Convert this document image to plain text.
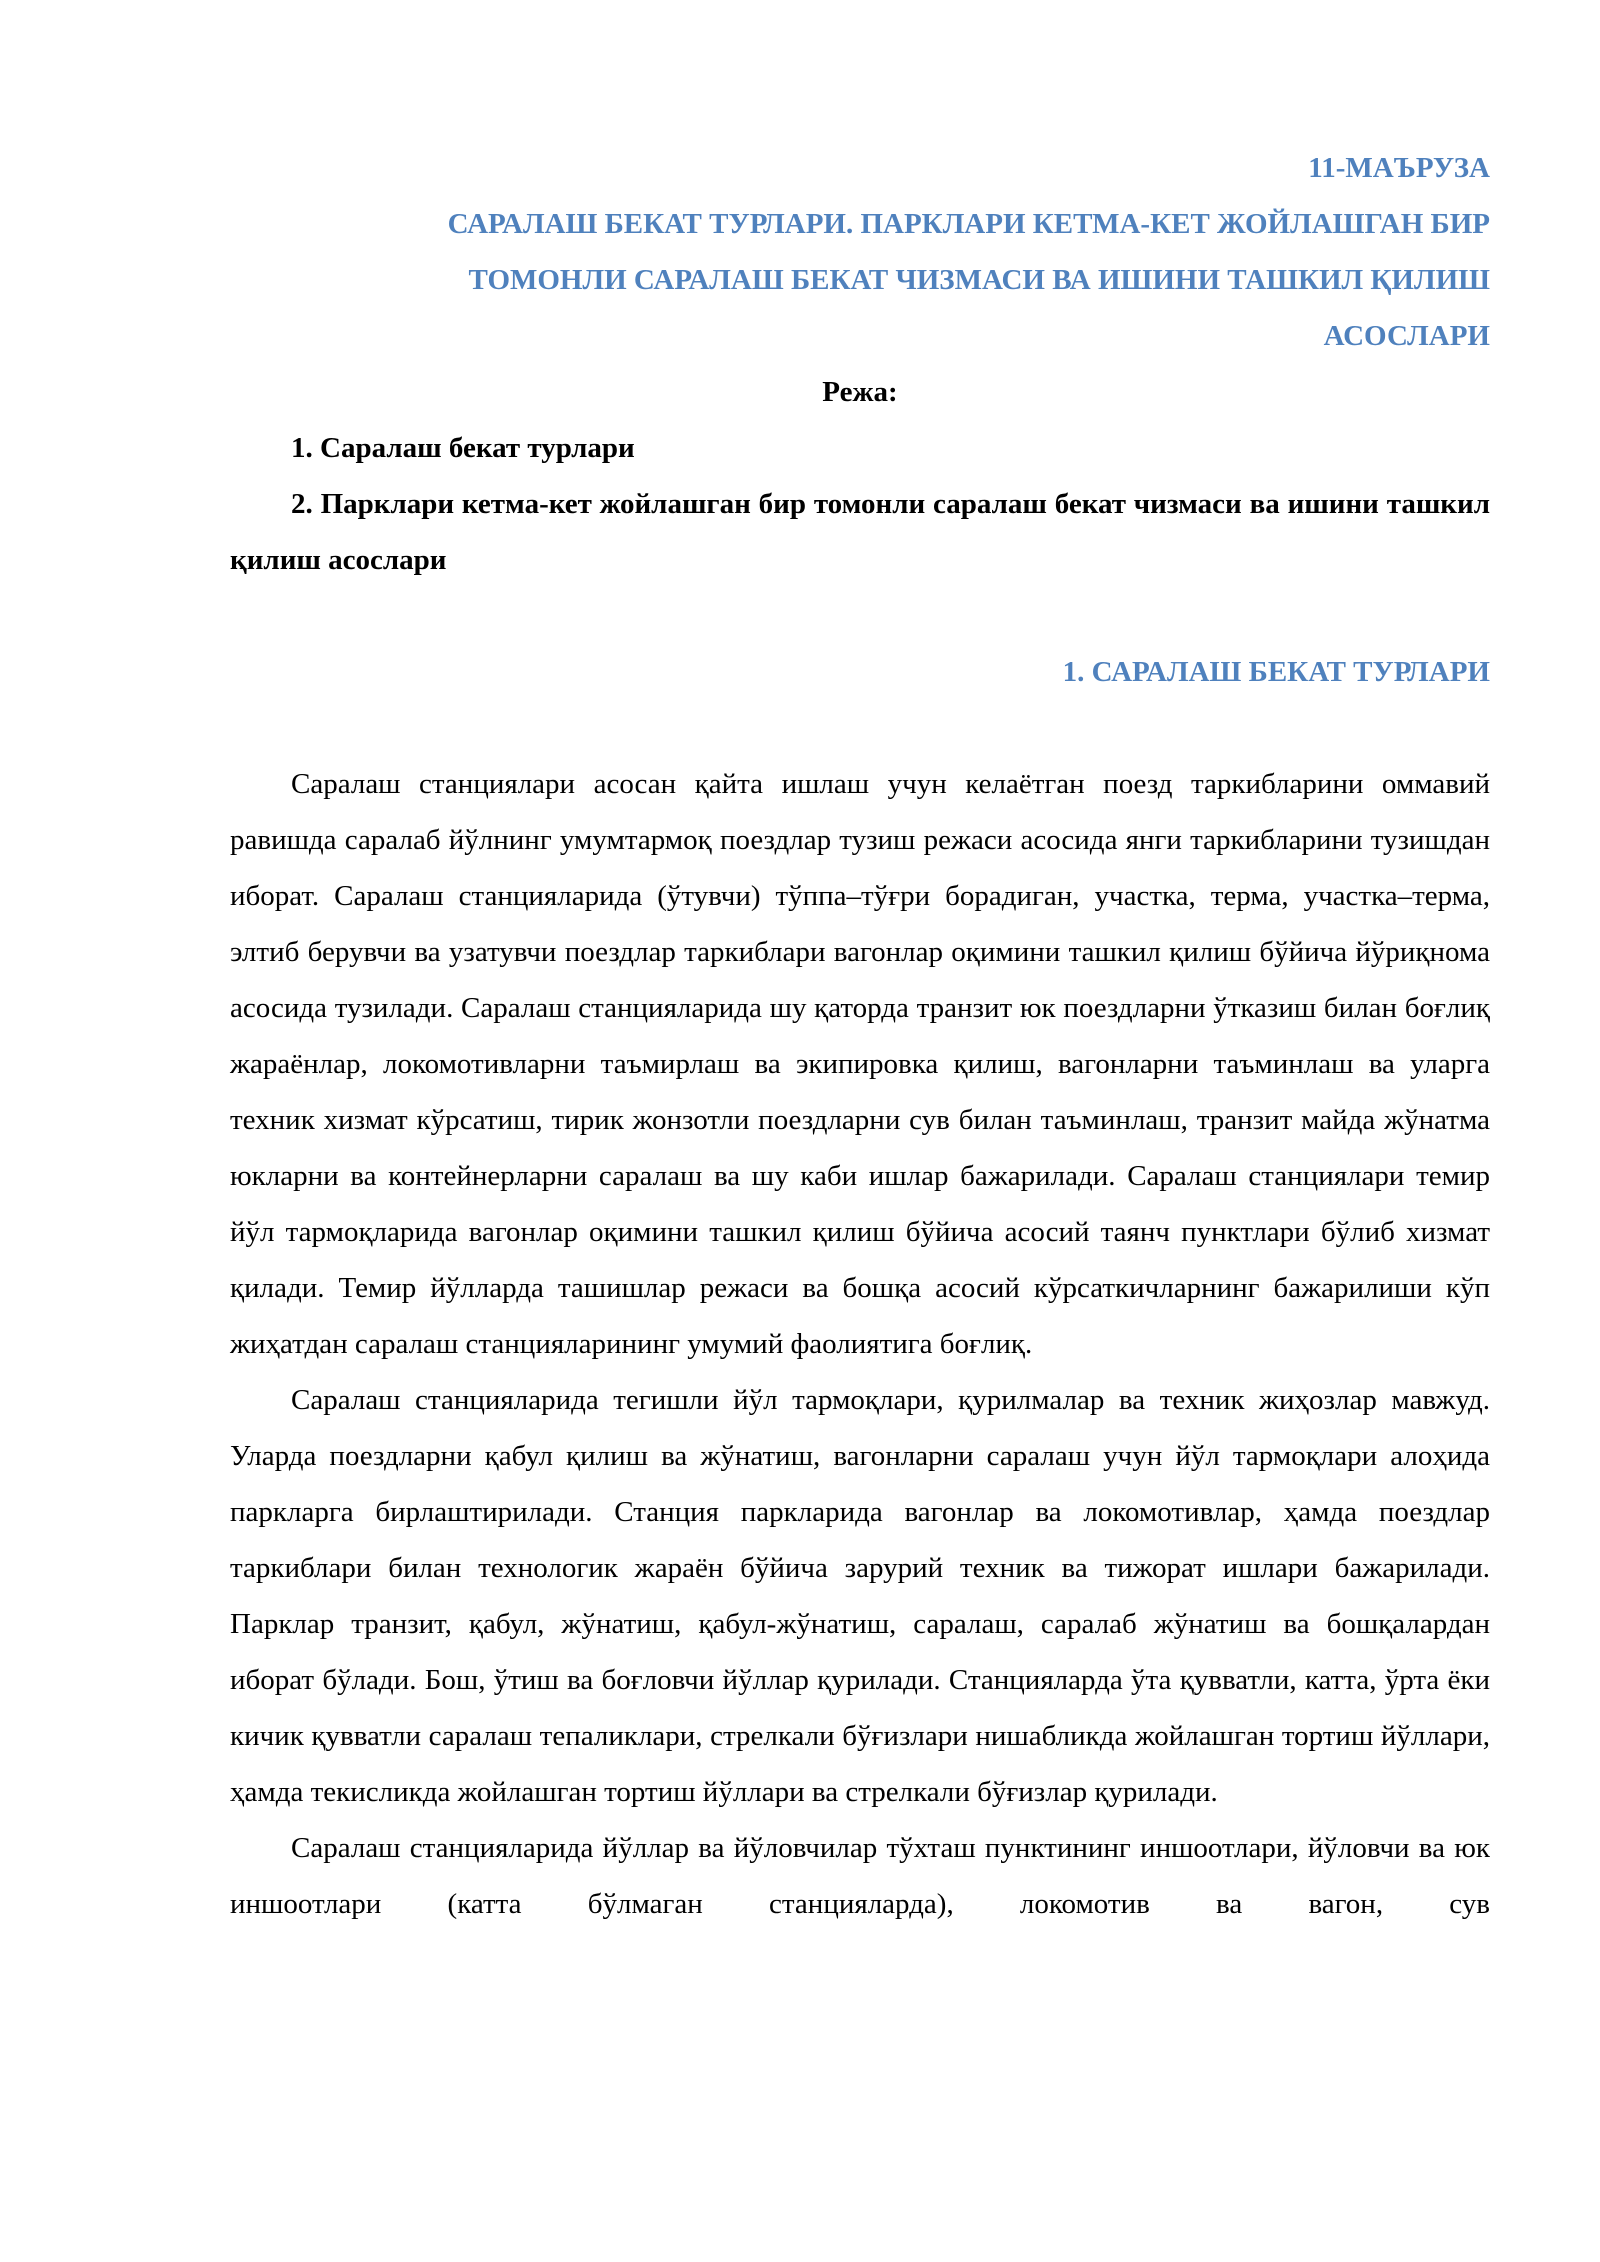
11-МАЪРУЗА

САРАЛАШ БЕКАТ ТУРЛАРИ. ПАРКЛАРИ КЕТМА-КЕТ ЖОЙЛАШГАН БИР

ТОМОНЛИ САРАЛАШ БЕКАТ ЧИЗМАСИ ВА ИШИНИ ТАШКИЛ ҚИЛИШ

АСОСЛАРИ

Режа:

1. Саралаш бекат турлари

2. Парклари кетма-кет жойлашган бир томонли саралаш бекат чизмаси ва ишини ташкил қилиш асослари

1. САРАЛАШ БЕКАТ ТУРЛАРИ

Саралаш станциялари асосан қайта ишлаш учун келаётган поезд таркибларини оммавий равишда саралаб йўлнинг умумтармоқ поездлар тузиш режаси асосида янги таркибларини тузишдан иборат. Саралаш станцияларида (ўтувчи) тўппа–тўғри борадиган, участка, терма, участка–терма, элтиб берувчи ва узатувчи поездлар таркиблари вагонлар оқимини ташкил қилиш бўйича йўриқнома асосида тузилади. Саралаш станцияларида шу қаторда транзит юк поездларни ўтказиш билан боғлиқ жараёнлар, локомотивларни таъмирлаш ва экипировка қилиш, вагонларни таъминлаш ва уларга техник хизмат кўрсатиш, тирик жонзотли поездларни сув билан таъминлаш, транзит майда жўнатма юкларни ва контейнерларни саралаш ва шу каби ишлар бажарилади. Саралаш станциялари темир йўл тармоқларида вагонлар оқимини ташкил қилиш бўйича асосий таянч пунктлари бўлиб хизмат қилади. Темир йўлларда ташишлар режаси ва бошқа асосий кўрсаткичларнинг бажарилиши кўп жиҳатдан саралаш станцияларининг умумий фаолиятига боғлиқ.

Саралаш станцияларида тегишли йўл тармоқлари, қурилмалар ва техник жиҳозлар мавжуд. Уларда поездларни қабул қилиш ва жўнатиш, вагонларни саралаш учун йўл тармоқлари алоҳида паркларга бирлаштирилади. Станция паркларида вагонлар ва локомотивлар, ҳамда поездлар таркиблари билан технологик жараён бўйича зарурий техник ва тижорат ишлари бажарилади. Парклар транзит, қабул, жўнатиш, қабул-жўнатиш, саралаш, саралаб жўнатиш ва бошқалардан иборат бўлади. Бош, ўтиш ва боғловчи йўллар қурилади. Станцияларда ўта қувватли, катта, ўрта ёки кичик қувватли саралаш тепаликлари, стрелкали бўғизлари нишабликда жойлашган тортиш йўллари, ҳамда текисликда жойлашган тортиш йўллари ва стрелкали бўғизлар қурилади.

Саралаш станцияларида йўллар ва йўловчилар тўхташ пунктининг иншоотлари, йўловчи ва юк иншоотлари (катта бўлмаган станцияларда), локомотив ва вагон, сув
